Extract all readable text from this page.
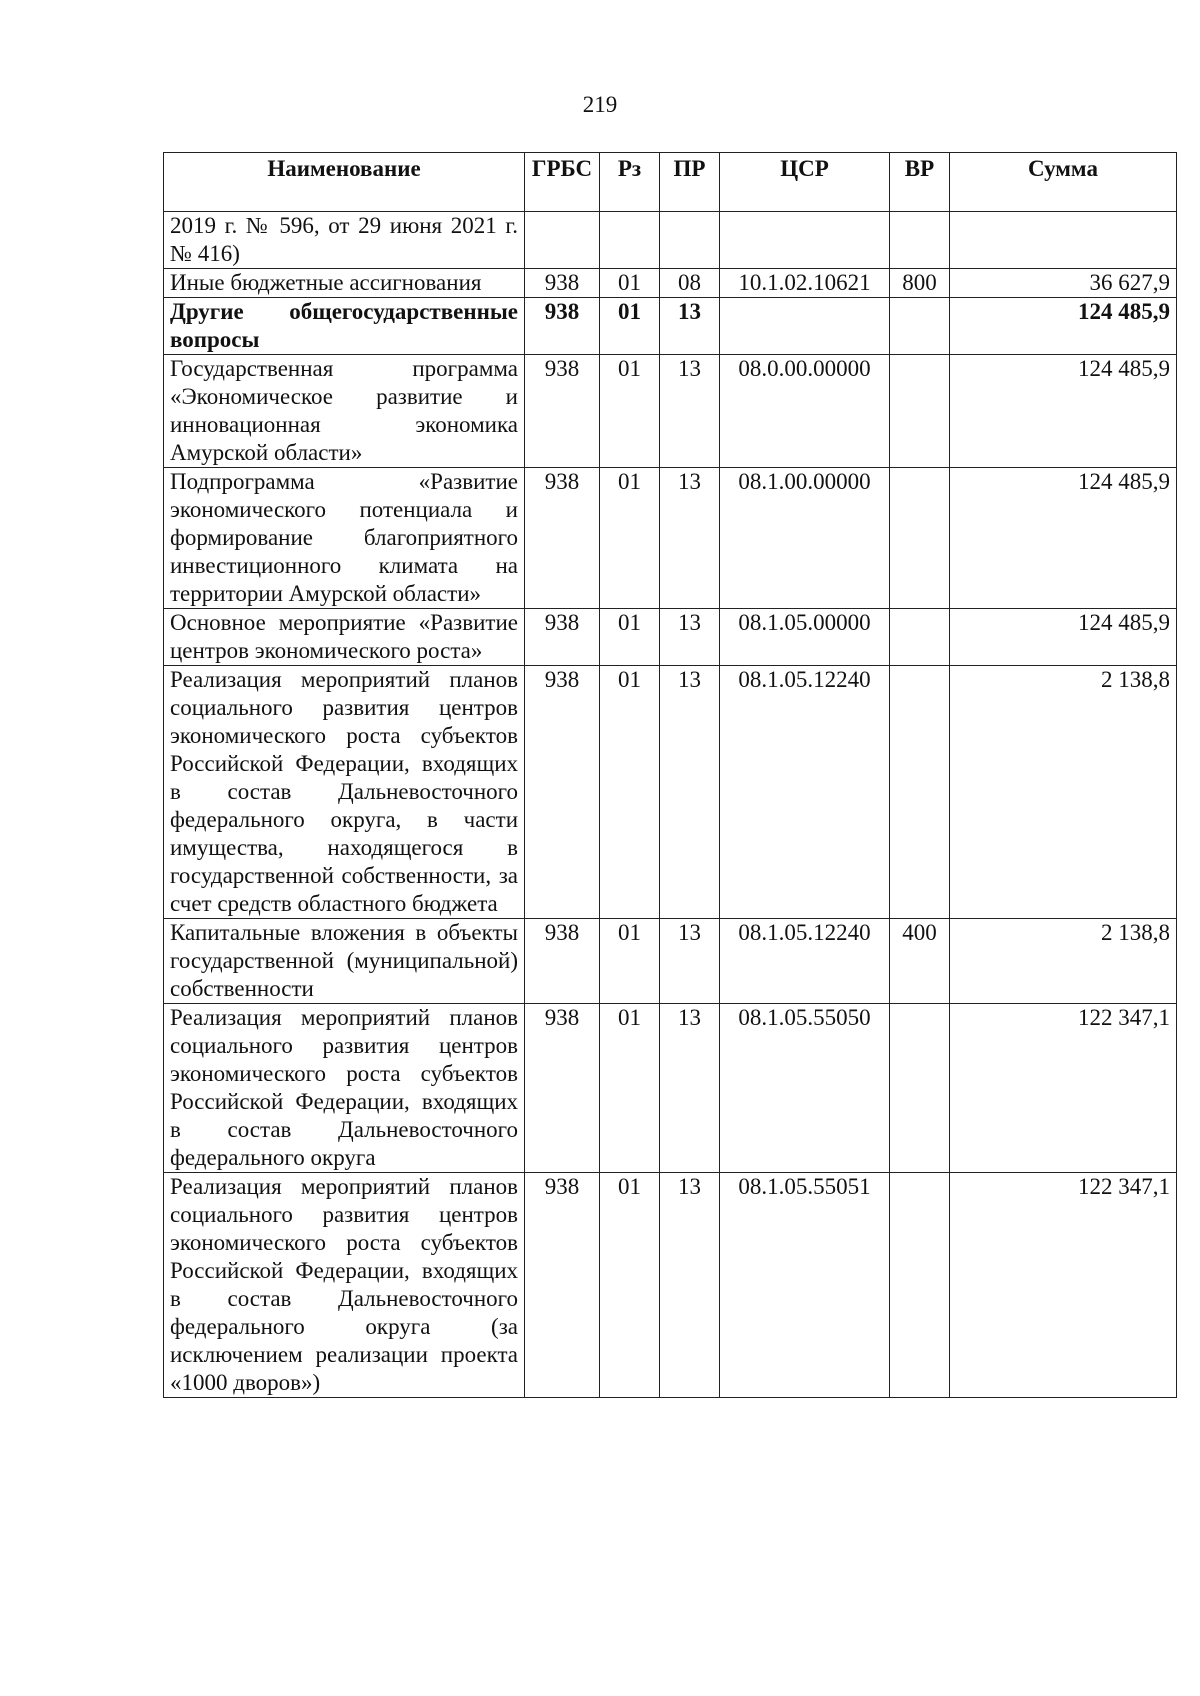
219
Наименование	ГРБС	Рз	ПР	ЦСР	ВР	Сумма
2019 г. № 596, от 29 июня 2021 г. № 416)						
Иные бюджетные ассигнования	938	01	08	10.1.02.10621	800	36 627,9
Другие общегосударственные вопросы	938	01	13			124 485,9
Государственная программа «Экономическое развитие и инновационная экономика Амурской области»	938	01	13	08.0.00.00000		124 485,9
Подпрограмма «Развитие экономического потенциала и формирование благоприятного инвестиционного климата на территории Амурской области»	938	01	13	08.1.00.00000		124 485,9
Основное мероприятие «Развитие центров экономического роста»	938	01	13	08.1.05.00000		124 485,9
Реализация мероприятий планов социального развития центров экономического роста субъектов Российской Федерации, входящих в состав Дальневосточного федерального округа, в части имущества, находящегося в государственной собственности, за счет средств областного бюджета	938	01	13	08.1.05.12240		2 138,8
Капитальные вложения в объекты государственной (муниципальной) собственности	938	01	13	08.1.05.12240	400	2 138,8
Реализация мероприятий планов социального развития центров экономического роста субъектов Российской Федерации, входящих в состав Дальневосточного федерального округа	938	01	13	08.1.05.55050		122 347,1
Реализация мероприятий планов социального развития центров экономического роста субъектов Российской Федерации, входящих в состав Дальневосточного федерального округа (за исключением реализации проекта «1000 дворов»)	938	01	13	08.1.05.55051		122 347,1
